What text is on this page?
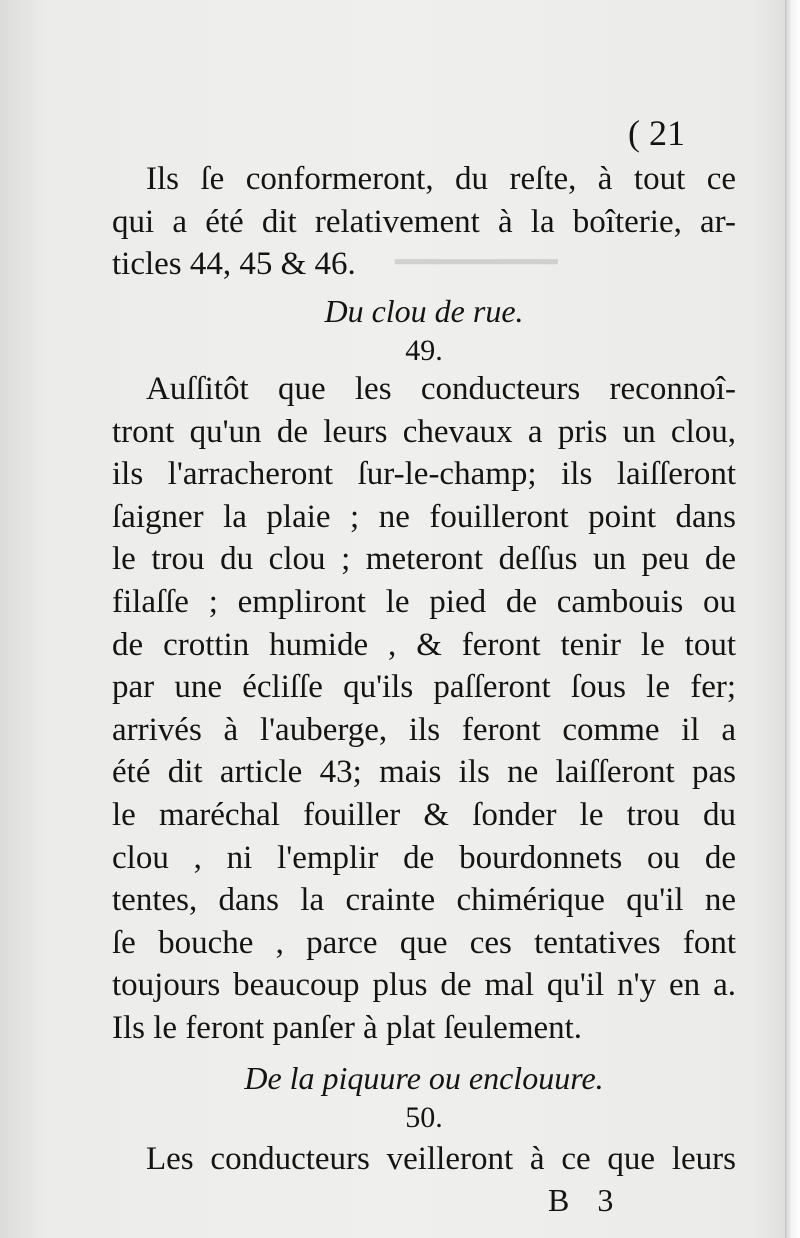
━━━━━━━━━
( 21
Ils ſe conformeront, du reſte, à tout ce
qui a été dit relativement à la boîterie, ar-
ticles 44, 45 & 46.
Du clou de rue.
49.
Auſſitôt que les conducteurs reconnoî-
tront qu'un de leurs chevaux a pris un clou,
ils l'arracheront ſur-le-champ; ils laiſſeront
ſaigner la plaie ; ne fouilleront point dans
le trou du clou ; meteront deſſus un peu de
filaſſe ; empliront le pied de cambouis ou
de crottin humide , & feront tenir le tout
par une écliſſe qu'ils paſſeront ſous le fer;
arrivés à l'auberge, ils feront comme il a
été dit article 43; mais ils ne laiſſeront pas
le maréchal fouiller & ſonder le trou du
clou , ni l'emplir de bourdonnets ou de
tentes, dans la crainte chimérique qu'il ne
ſe bouche , parce que ces tentatives font
toujours beaucoup plus de mal qu'il n'y en a.
Ils le feront panſer à plat ſeulement.
De la piquure ou enclouure.
50.
Les conducteurs veilleront à ce que leurs
B 3
